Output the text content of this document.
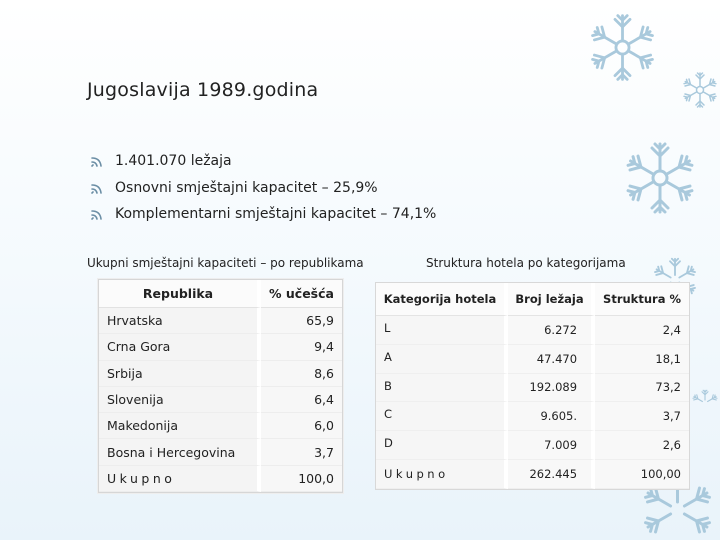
Jugoslavija 1989.godina
1.401.070 ležaja
Osnovni smještajni kapacitet – 25,9%
Komplementarni smještajni kapacitet – 74,1%
Ukupni smještajni kapaciteti – po republikama	Struktura hotela po kategorijama
Republika	% učešća
Hrvatska	65,9
Crna Gora	9,4
Srbija	8,6
Slovenija	6,4
Makedonija	6,0
Bosna i Hercegovina	3,7
Ukupno	100,0
Kategorija hotela	Broj ležaja	Struktura %
L	6.272	2,4
A	47.470	18,1
B	192.089	73,2
C	9.605.	3,7
D	7.009	2,6
Ukupno	262.445	100,00
